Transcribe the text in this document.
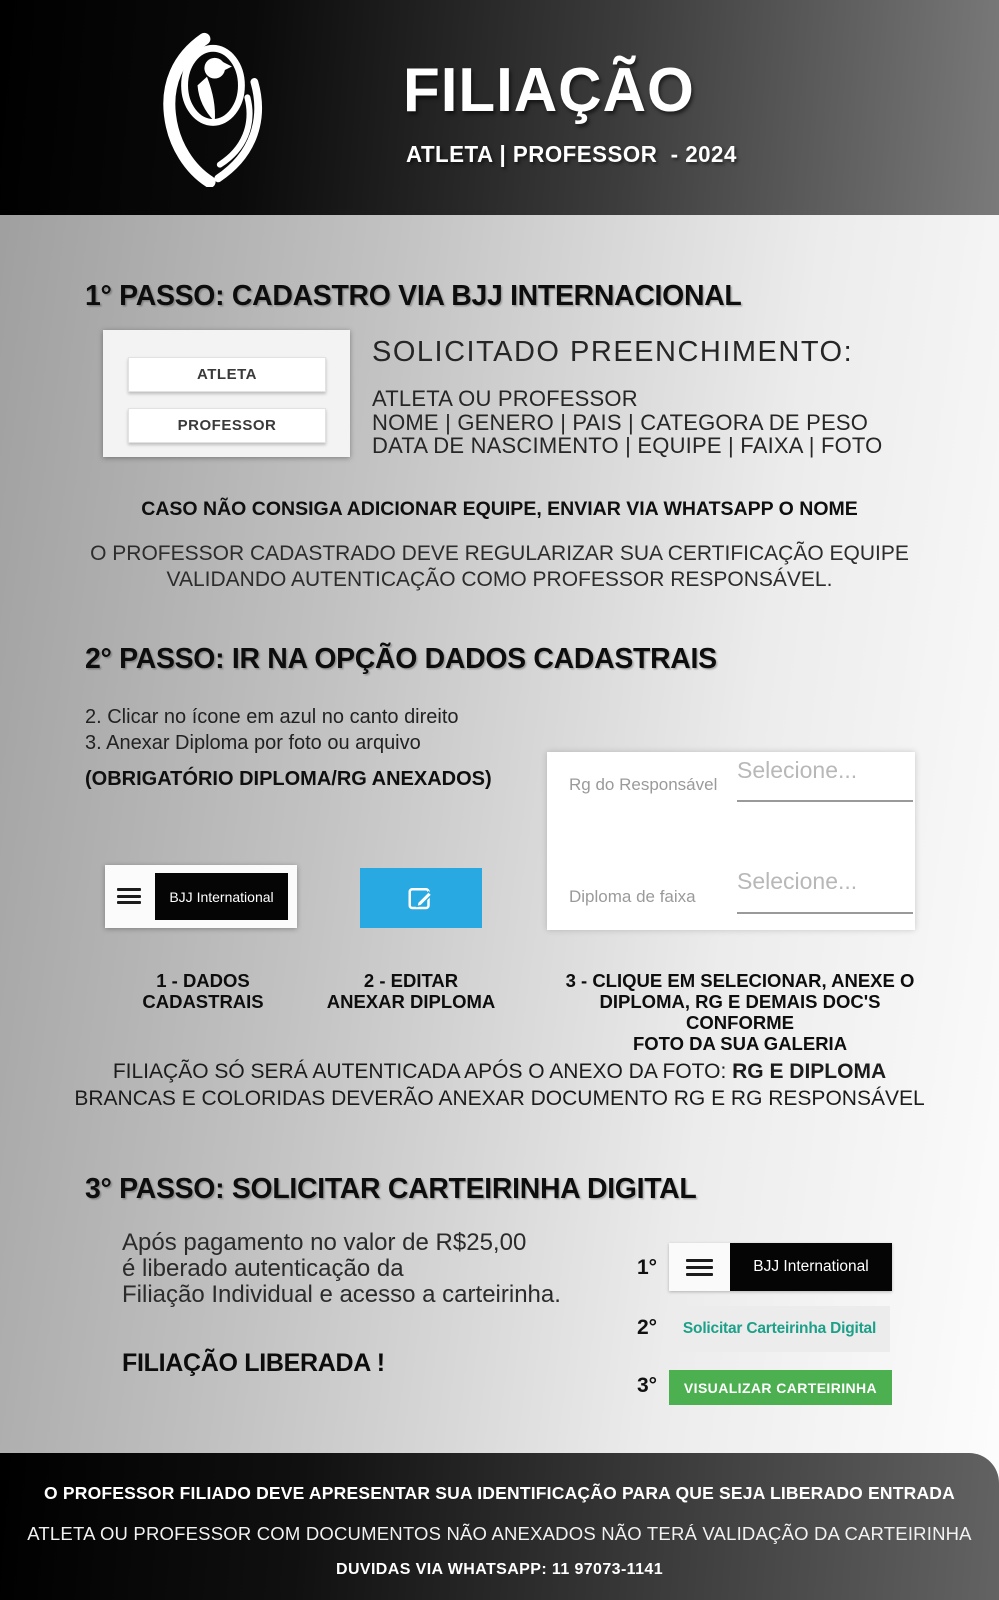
FILIAÇÃO
ATLETA | PROFESSOR  - 2024
1° PASSO: CADASTRO VIA BJJ INTERNACIONAL
ATLETA
PROFESSOR
SOLICITADO PREENCHIMENTO:
ATLETA OU PROFESSOR
NOME | GENERO | PAIS | CATEGORA DE PESO
DATA DE NASCIMENTO | EQUIPE | FAIXA | FOTO
CASO NÃO CONSIGA ADICIONAR EQUIPE, ENVIAR VIA WHATSAPP O NOME
O PROFESSOR CADASTRADO DEVE REGULARIZAR SUA CERTIFICAÇÃO EQUIPE
VALIDANDO AUTENTICAÇÃO COMO PROFESSOR RESPONSÁVEL.
2° PASSO: IR NA OPÇÃO DADOS CADASTRAIS
2. Clicar no ícone em azul no canto direito
3. Anexar Diploma por foto ou arquivo
(OBRIGATÓRIO DIPLOMA/RG ANEXADOS)	Rg do Responsável
Selecione...
Diploma de faixa
Selecione...
BJJ International
1 - DADOS
CADASTRAIS
2 - EDITAR
ANEXAR DIPLOMA
3 - CLIQUE EM SELECIONAR, ANEXE O
DIPLOMA, RG E DEMAIS DOC'S CONFORME
FOTO DA SUA GALERIA
FILIAÇÃO SÓ SERÁ AUTENTICADA APÓS O ANEXO DA FOTO: RG E DIPLOMA
BRANCAS E COLORIDAS DEVERÃO ANEXAR DOCUMENTO RG E RG RESPONSÁVEL
3° PASSO: SOLICITAR CARTEIRINHA DIGITAL
Após pagamento no valor de R$25,00
é liberado autenticação da
Filiação Individual e acesso a carteirinha.
FILIAÇÃO LIBERADA !
1°	BJJ International
2°	Solicitar Carteirinha Digital
3°	VISUALIZAR CARTEIRINHA
O PROFESSOR FILIADO DEVE APRESENTAR SUA IDENTIFICAÇÃO PARA QUE SEJA LIBERADO ENTRADA
ATLETA OU PROFESSOR COM DOCUMENTOS NÃO ANEXADOS NÃO TERÁ VALIDAÇÃO DA CARTEIRINHA
DUVIDAS VIA WHATSAPP: 11 97073-1141
